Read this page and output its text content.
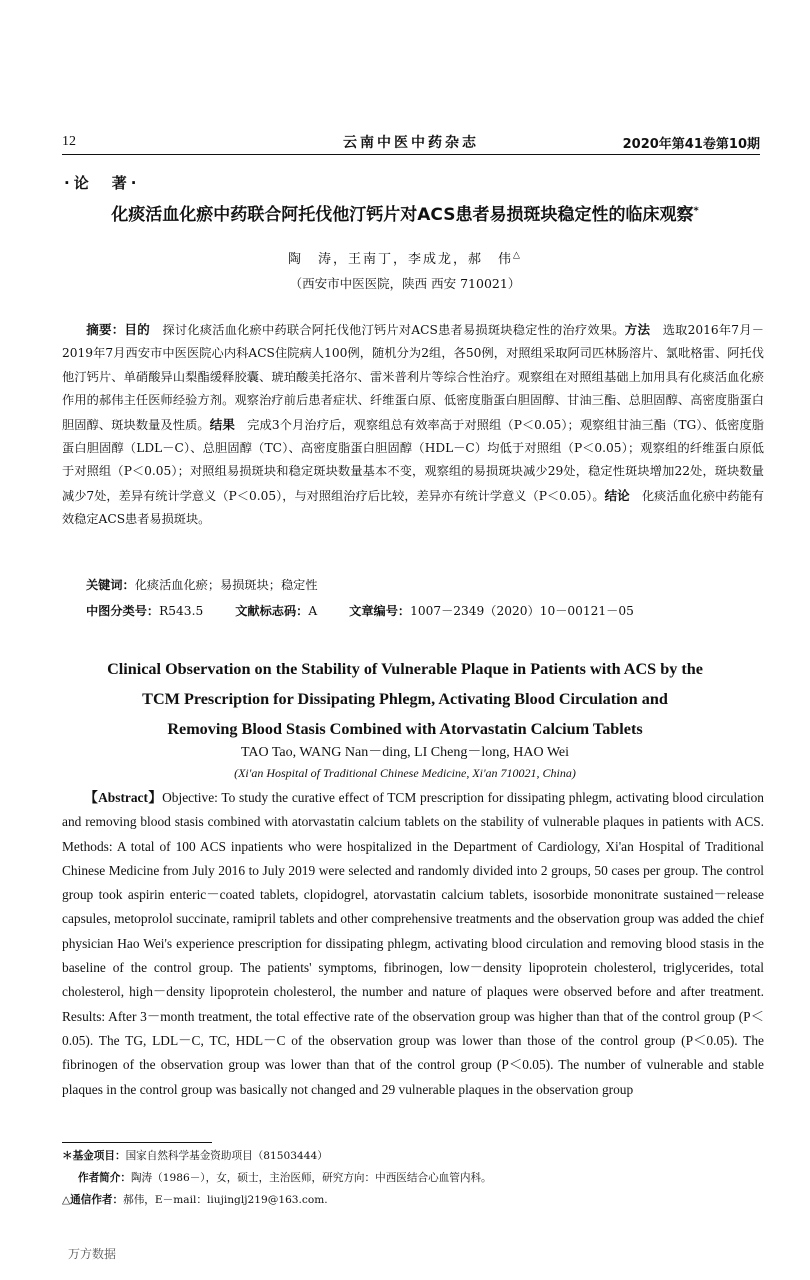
12	云南中医中药杂志	2020年第41卷第10期
·论　著·
化痰活血化瘀中药联合阿托伐他汀钙片对ACS患者易损斑块稳定性的临床观察*
陶　涛，王南丁，李成龙，郝　伟△
（西安市中医医院，陕西 西安 710021）
摘要：目的　探讨化痰活血化瘀中药联合阿托伐他汀钙片对ACS患者易损斑块稳定性的治疗效果。方法　选取2016年7月－2019年7月西安市中医医院心内科ACS住院病人100例，随机分为2组，各50例，对照组采取阿司匹林肠溶片、氯吡格雷、阿托伐他汀钙片、单硝酸异山梨酯缓释胶囊、琥珀酸美托洛尔、雷米普利片等综合性治疗。观察组在对照组基础上加用具有化痰活血化瘀作用的郝伟主任医师经验方剂。观察治疗前后患者症状、纤维蛋白原、低密度脂蛋白胆固醇、甘油三酯、总胆固醇、高密度脂蛋白胆固醇、斑块数量及性质。结果　完成3个月治疗后，观察组总有效率高于对照组（P＜0.05）；观察组甘油三酯（TG）、低密度脂蛋白胆固醇（LDL－C）、总胆固醇（TC）、高密度脂蛋白胆固醇（HDL－C）均低于对照组（P＜0.05）；观察组的纤维蛋白原低于对照组（P＜0.05）；对照组易损斑块和稳定斑块数量基本不变，观察组的易损斑块减少29处，稳定性斑块增加22处，斑块数量减少7处，差异有统计学意义（P＜0.05），与对照组治疗后比较，差异亦有统计学意义（P＜0.05）。结论　化痰活血化瘀中药能有效稳定ACS患者易损斑块。
关键词：化痰活血化瘀；易损斑块；稳定性
中图分类号：R543.5	文献标志码：A	文章编号：1007－2349（2020）10－00121－05
Clinical Observation on the Stability of Vulnerable Plaque in Patients with ACS by the
TCM Prescription for Dissipating Phlegm, Activating Blood Circulation and
Removing Blood Stasis Combined with Atorvastatin Calcium Tablets
TAO Tao, WANG Nan－ding, LI Cheng－long, HAO Wei
(Xi'an Hospital of Traditional Chinese Medicine, Xi'an 710021, China)
【Abstract】Objective: To study the curative effect of TCM prescription for dissipating phlegm, activating blood circulation and removing blood stasis combined with atorvastatin calcium tablets on the stability of vulnerable plaques in patients with ACS. Methods: A total of 100 ACS inpatients who were hospitalized in the Department of Cardiology, Xi'an Hospital of Traditional Chinese Medicine from July 2016 to July 2019 were selected and randomly divided into 2 groups, 50 cases per group. The control group took aspirin enteric－coated tablets, clopidogrel, atorvastatin calcium tablets, isosorbide mononitrate sustained－release capsules, metoprolol succinate, ramipril tablets and other comprehensive treatments and the observation group was added the chief physician Hao Wei's experience prescription for dissipating phlegm, activating blood circulation and removing blood stasis in the baseline of the control group. The patients' symptoms, fibrinogen, low－density lipoprotein cholesterol, triglycerides, total cholesterol, high－density lipoprotein cholesterol, the number and nature of plaques were observed before and after treatment. Results: After 3－month treatment, the total effective rate of the observation group was higher than that of the control group (P＜0.05). The TG, LDL－C, TC, HDL－C of the observation group was lower than those of the control group (P＜0.05). The fibrinogen of the observation group was lower than that of the control group (P＜0.05). The number of vulnerable and stable plaques in the control group was basically not changed and 29 vulnerable plaques in the observation group
＊基金项目：国家自然科学基金资助项目（81503444）
作者简介：陶涛（1986－），女，硕士，主治医师，研究方向：中西医结合心血管内科。
△通信作者：郝伟，E－mail：liujinglj219@163.com.
万方数据
